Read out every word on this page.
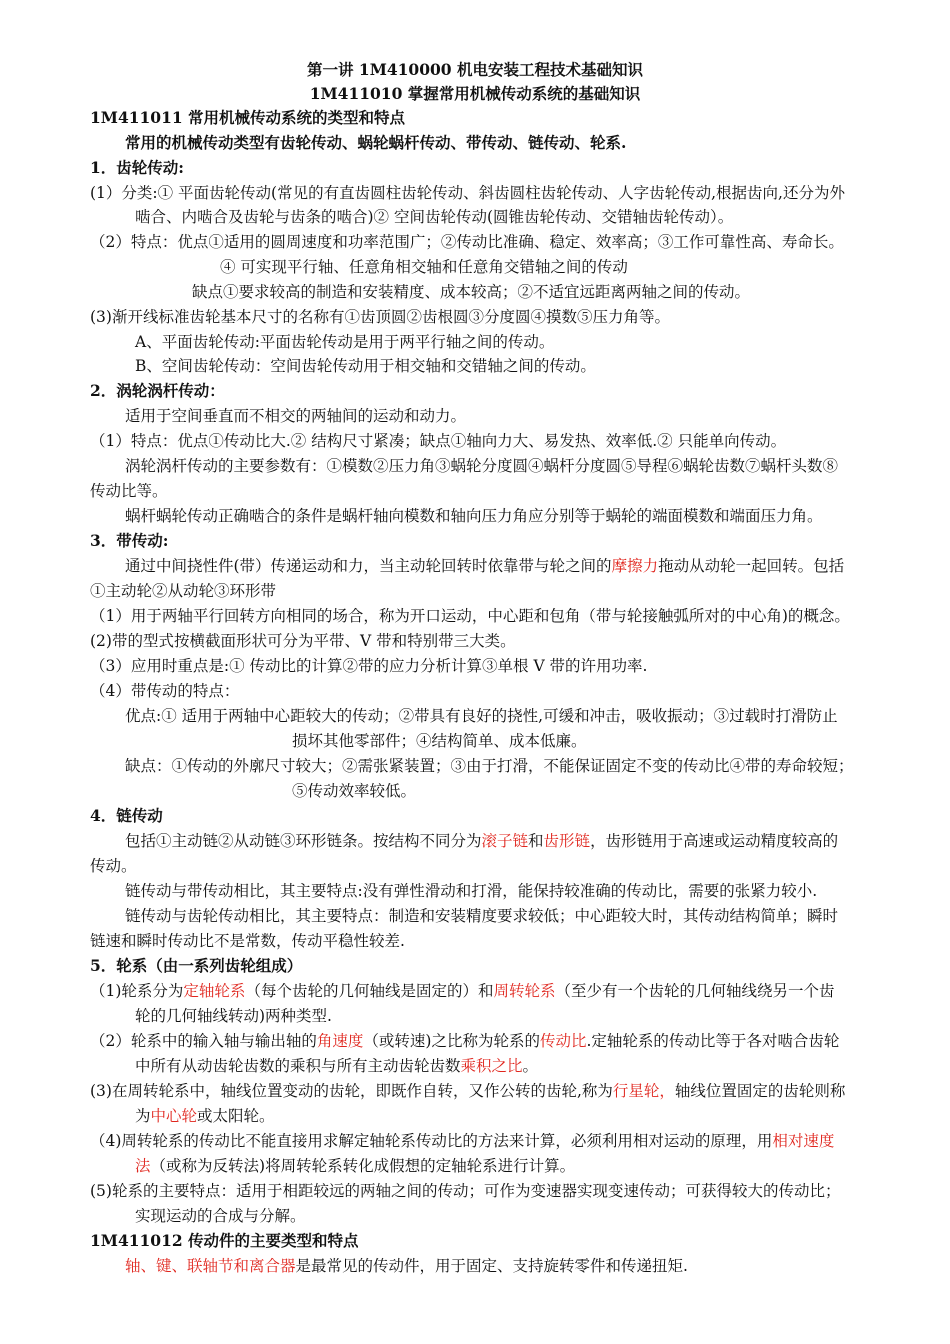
第一讲 1M410000 机电安装工程技术基础知识
1M411010 掌握常用机械传动系统的基础知识
1M411011 常用机械传动系统的类型和特点
常用的机械传动类型有齿轮传动、蜗轮蜗杆传动、带传动、链传动、轮系.
1．齿轮传动:
(1）分类:① 平面齿轮传动(常见的有直齿圆柱齿轮传动、斜齿圆柱齿轮传动、人字齿轮传动,根据齿向,还分为外
啮合、内啮合及齿轮与齿条的啮合)② 空间齿轮传动(圆锥齿轮传动、交错轴齿轮传动）。
（2）特点：优点①适用的圆周速度和功率范围广；②传动比准确、稳定、效率高；③工作可靠性高、寿命长。
④ 可实现平行轴、任意角相交轴和任意角交错轴之间的传动
缺点①要求较高的制造和安装精度、成本较高；②不适宜远距离两轴之间的传动。
(3)渐开线标准齿轮基本尺寸的名称有①齿顶圆②齿根圆③分度圆④摸数⑤压力角等。
A、平面齿轮传动:平面齿轮传动是用于两平行轴之间的传动。
B、空间齿轮传动：空间齿轮传动用于相交轴和交错轴之间的传动。
2．涡轮涡杆传动：
适用于空间垂直而不相交的两轴间的运动和动力。
（1）特点：优点①传动比大.② 结构尺寸紧凑；缺点①轴向力大、易发热、效率低.② 只能单向传动。
涡轮涡杆传动的主要参数有：①模数②压力角③蜗轮分度圆④蜗杆分度圆⑤导程⑥蜗轮齿数⑦蜗杆头数⑧
传动比等。
蜗杆蜗轮传动正确啮合的条件是蜗杆轴向模数和轴向压力角应分别等于蜗轮的端面模数和端面压力角。
3．带传动:
通过中间挠性件(带）传递运动和力，当主动轮回转时依靠带与轮之间的摩擦力拖动从动轮一起回转。包括
①主动轮②从动轮③环形带
（1）用于两轴平行回转方向相同的场合，称为开口运动，中心距和包角（带与轮接触弧所对的中心角)的概念。
(2)带的型式按横截面形状可分为平带、V 带和特别带三大类。
（3）应用时重点是:① 传动比的计算②带的应力分析计算③单根 V 带的许用功率.
（4）带传动的特点：
优点:① 适用于两轴中心距较大的传动；②带具有良好的挠性,可缓和冲击，吸收振动；③过载时打滑防止
损坏其他零部件；④结构简单、成本低廉。
缺点：①传动的外廓尺寸较大；②需张紧装置；③由于打滑，不能保证固定不变的传动比④带的寿命较短；
⑤传动效率较低。
4．链传动
包括①主动链②从动链③环形链条。按结构不同分为滚子链和齿形链，齿形链用于高速或运动精度较高的
传动。
链传动与带传动相比，其主要特点:没有弹性滑动和打滑，能保持较准确的传动比，需要的张紧力较小.
链传动与齿轮传动相比，其主要特点：制造和安装精度要求较低；中心距较大时，其传动结构简单；瞬时
链速和瞬时传动比不是常数，传动平稳性较差.
5．轮系（由一系列齿轮组成）
（1)轮系分为定轴轮系（每个齿轮的几何轴线是固定的）和周转轮系（至少有一个齿轮的几何轴线绕另一个齿
轮的几何轴线转动)两种类型.
（2）轮系中的输入轴与输出轴的角速度（或转速)之比称为轮系的传动比.定轴轮系的传动比等于各对啮合齿轮
中所有从动齿轮齿数的乘积与所有主动齿轮齿数乘积之比。
(3)在周转轮系中，轴线位置变动的齿轮，即既作自转，又作公转的齿轮,称为行星轮，轴线位置固定的齿轮则称
为中心轮或太阳轮。
（4)周转轮系的传动比不能直接用求解定轴轮系传动比的方法来计算，必须利用相对运动的原理，用相对速度
法（或称为反转法)将周转轮系转化成假想的定轴轮系进行计算。
(5)轮系的主要特点：适用于相距较远的两轴之间的传动；可作为变速器实现变速传动；可获得较大的传动比；
实现运动的合成与分解。
1M411012 传动件的主要类型和特点
轴、键、联轴节和离合器是最常见的传动件，用于固定、支持旋转零件和传递扭矩.
